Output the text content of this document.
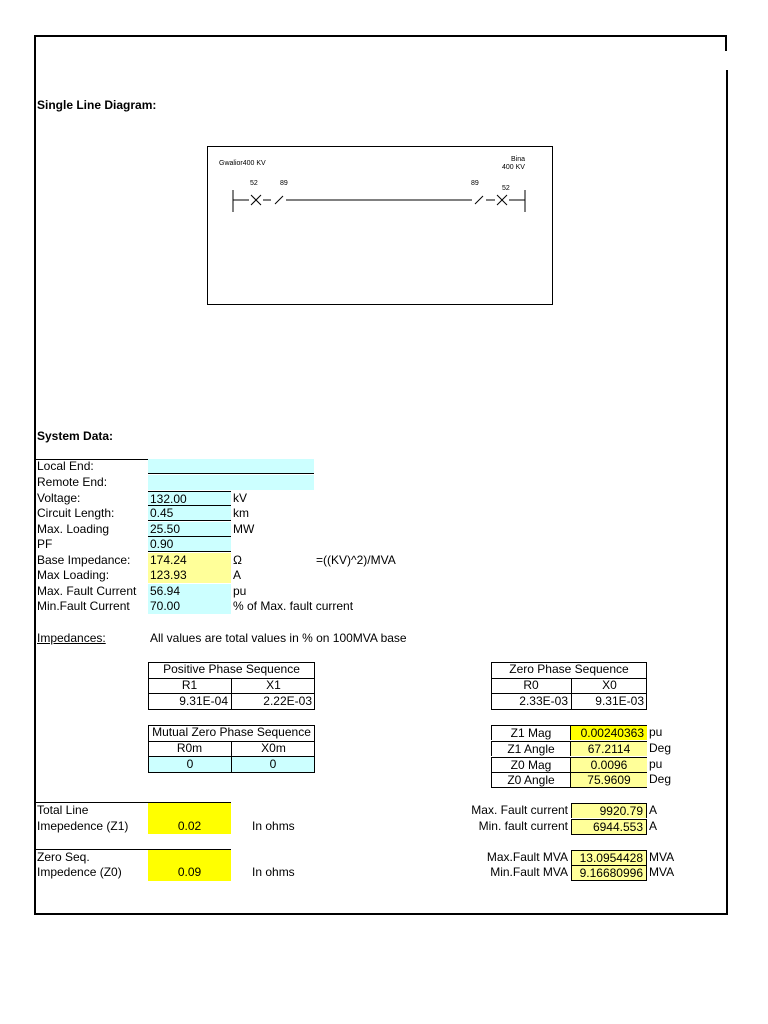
Single Line Diagram:
Gwalior400 KV
Bina
400 KV
52	89	89
52
System Data:
Local End:
Remote End:
Voltage:	132.00	kV
Circuit Length:	0.45	km
Max. Loading	25.50	MW
PF	0.90
Base Impedance: 174.24	Ω	=((KV)^2)/MVA
Max Loading:	123.93	A
Max. Fault Current 56.94	pu
Min.Fault Current 70.00	% of Max. fault current
Impedances:	All values are total values in % on 100MVA base
Positive Phase Sequence
R1	X1
9.31E-04	2.22E-03
Zero Phase Sequence
R0	X0
2.33E-03	9.31E-03
Mutual Zero Phase Sequence
R0m	X0m
0	0
Z1 Mag	0.00240363 pu
Z1 Angle	67.2114	Deg
Z0 Mag	0.0096	pu
Z0 Angle	75.9609	Deg
Total Line
Imepedence (Z1)	0.02	In ohms
Zero Seq.
Impedence (Z0)	0.09	In ohms
Max. Fault current	9920.79 A
Min. fault current	6944.553 A
Max.Fault MVA 13.0954428 MVA
Min.Fault MVA 9.16680996 MVA
